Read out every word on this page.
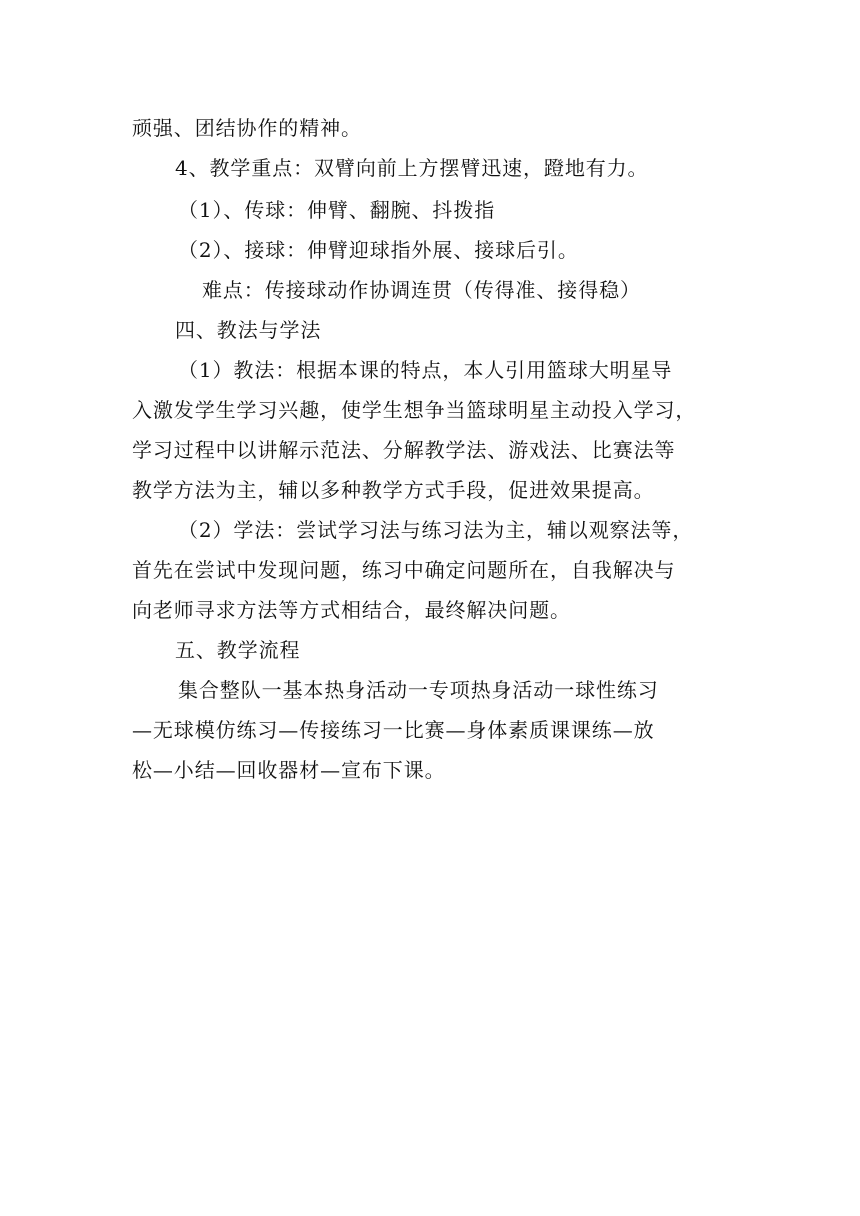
顽强、团结协作的精神。
4、教学重点：双臂向前上方摆臂迅速，蹬地有力。
（1）、传球：伸臂、翻腕、抖拨指
（2）、接球：伸臂迎球指外展、接球后引。
难点：传接球动作协调连贯（传得准、接得稳）
四、教法与学法
（1）教法：根据本课的特点，本人引用篮球大明星导
入激发学生学习兴趣，使学生想争当篮球明星主动投入学习，
学习过程中以讲解示范法、分解教学法、游戏法、比赛法等
教学方法为主，辅以多种教学方式手段，促进效果提高。
（2）学法：尝试学习法与练习法为主，辅以观察法等，
首先在尝试中发现问题，练习中确定问题所在，自我解决与
向老师寻求方法等方式相结合，最终解决问题。
五、教学流程
集合整队一基本热身活动一专项热身活动一球性练习
—无球模仿练习—传接练习一比赛—身体素质课课练—放
松—小结—回收器材—宣布下课。
